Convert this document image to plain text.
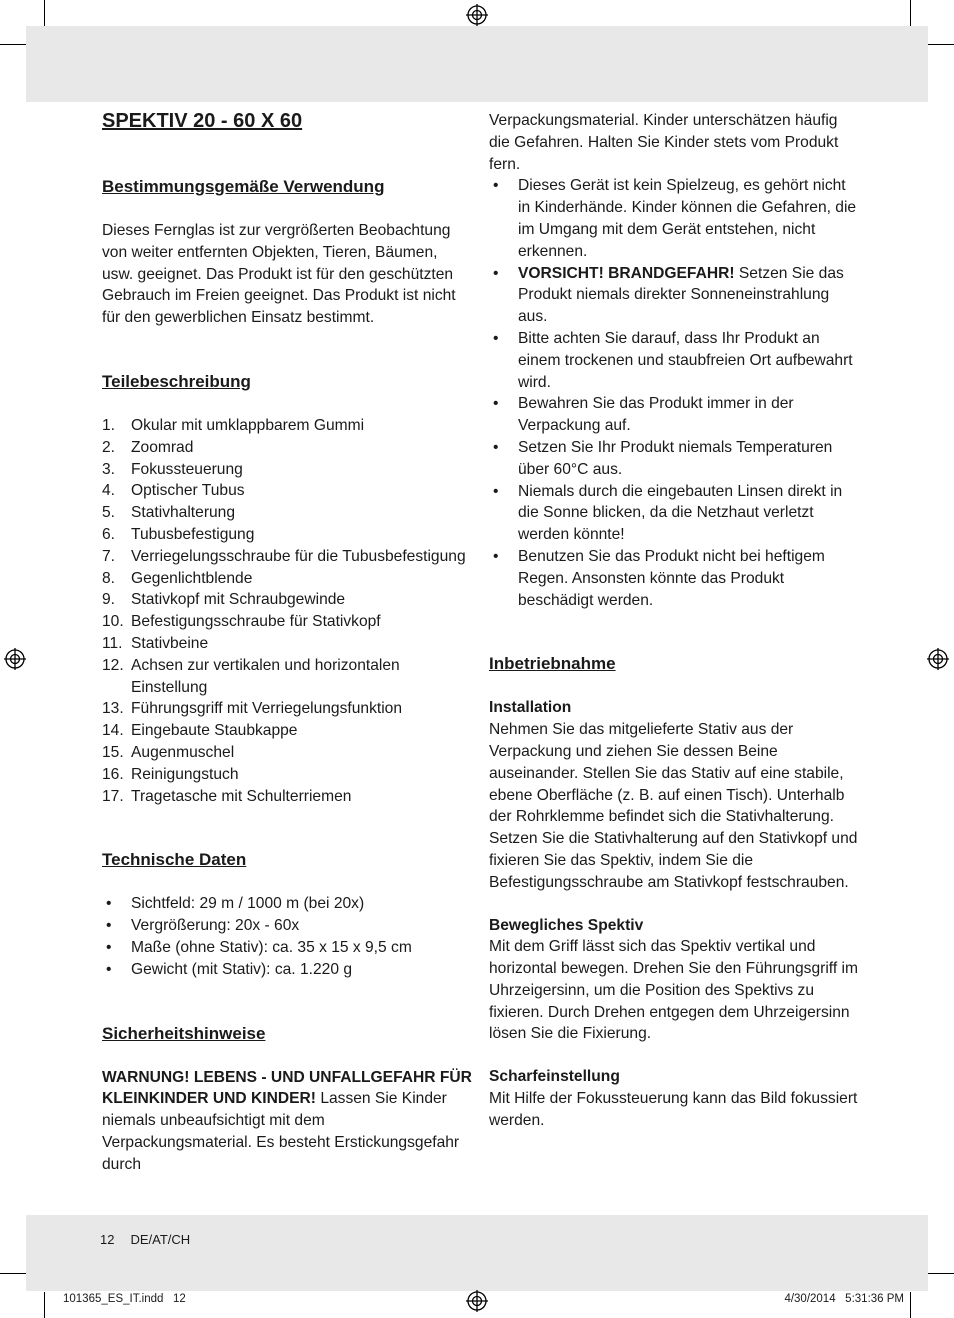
SPEKTIV 20 - 60 X 60
Bestimmungsgemäße Verwendung

Dieses Fernglas ist zur vergrößerten Beobachtung von weiter entfernten Objekten, Tieren, Bäumen, usw. geeignet. Das Produkt ist für den geschützten Gebrauch im Freien geeignet. Das Produkt ist nicht für den gewerblichen Einsatz bestimmt.

Teilebeschreibung
1. Okular mit umklappbarem Gummi
2. Zoomrad
3. Fokussteuerung
4. Optischer Tubus
5. Stativhalterung
6. Tubusbefestigung
7. Verriegelungsschraube für die Tubusbefestigung
8. Gegenlichtblende
9. Stativkopf mit Schraubgewinde
10. Befestigungsschraube für Stativkopf
11. Stativbeine
12. Achsen zur vertikalen und horizontalen Einstellung
13. Führungsgriff mit Verriegelungsfunktion
14. Eingebaute Staubkappe
15. Augenmuschel
16. Reinigungstuch
17. Tragetasche mit Schulterriemen
Technische Daten
• Sichtfeld: 29 m / 1000 m (bei 20x)
• Vergrößerung: 20x - 60x
• Maße (ohne Stativ): ca. 35 x 15 x 9,5 cm
• Gewicht (mit Stativ): ca. 1.220 g
Sicherheitshinweise

WARNUNG! LEBENS - UND UNFALLGEFAHR FÜR KLEINKINDER UND KINDER! Lassen Sie Kinder niemals unbeaufsichtigt mit dem Verpackungsmaterial. Es besteht Erstickungsgefahr durch

Verpackungsmaterial. Kinder unterschätzen häufig die Gefahren. Halten Sie Kinder stets vom Produkt fern.

• Dieses Gerät ist kein Spielzeug, es gehört nicht in Kinderhände. Kinder können die Gefahren, die im Umgang mit dem Gerät entstehen, nicht erkennen.
• VORSICHT! BRANDGEFAHR! Setzen Sie das Produkt niemals direkter Sonneneinstrahlung aus.
• Bitte achten Sie darauf, dass Ihr Produkt an einem trockenen und staubfreien Ort aufbewahrt wird.
• Bewahren Sie das Produkt immer in der Verpackung auf.
• Setzen Sie Ihr Produkt niemals Temperaturen über 60°C aus.
• Niemals durch die eingebauten Linsen direkt in die Sonne blicken, da die Netzhaut verletzt werden könnte!
• Benutzen Sie das Produkt nicht bei heftigem Regen. Ansonsten könnte das Produkt beschädigt werden.
Inbetriebnahme
Installation

Nehmen Sie das mitgelieferte Stativ aus der Verpackung und ziehen Sie dessen Beine auseinander. Stellen Sie das Stativ auf eine stabile, ebene Oberfläche (z. B. auf einen Tisch). Unterhalb der Rohrklemme befindet sich die Stativhalterung. Setzen Sie die Stativhalterung auf den Stativkopf und fixieren Sie das Spektiv, indem Sie die Befestigungsschraube am Stativkopf festschrauben.

Bewegliches Spektiv

Mit dem Griff lässt sich das Spektiv vertikal und horizontal bewegen. Drehen Sie den Führungsgriff im Uhrzeigersinn, um die Position des Spektivs zu fixieren. Durch Drehen entgegen dem Uhrzeigersinn lösen Sie die Fixierung.

Scharfeinstellung

Mit Hilfe der Fokussteuerung kann das Bild fokussiert werden.

12 DE/AT/CH
101365_ES_IT.indd   12	4/30/2014   5:31:36 PM
